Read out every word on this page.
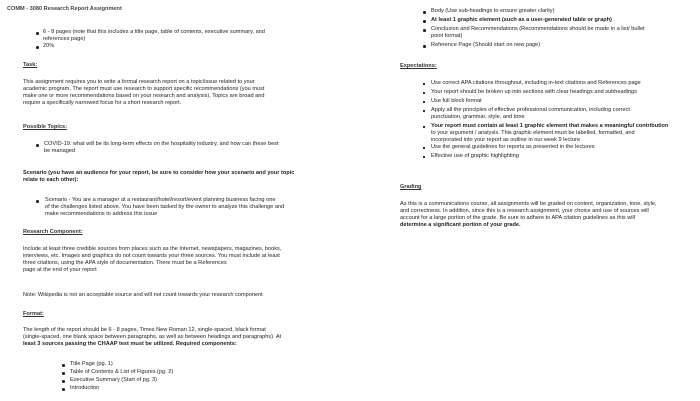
COMM - 3080 Research Report Assignment
6 - 8 pages (note that this includes a title page, table of contents, executive summary, and
references page)
20%
Task:
This assignment requires you to write a formal research report on a topic/issue related to your
academic program. The report must use research to support specific recommendations (you must
make one or more recommendations based on your research and analysis). Topics are broad and
require a specifically narrowed focus for a short research report.
Possible Topics:
COVID-19: what will be its long-term effects on the hospitality industry, and how can these best
be managed
Scenario (you have an audience for your report, be sure to consider how your scenario and your topic
relate to each other):
Scenario - You are a manager at a restaurant/hotel/resort/event planning business facing one
of the challenges listed above. You have been tasked by the owner to analyze this challenge and
make recommendations to address this issue
Research Component:
Include at least three credible sources from places such as the Internet, newspapers, magazines, books,
interviews, etc. Images and graphics do not count towards your three sources. You must include at least
three citations, using the APA style of documentation. There must be a References
page at the end of your report
Note: Wikipedia is not an acceptable source and will not count towards your research component
Format:
The length of the report should be 6 - 8 pages, Times New Roman 12, single-spaced, black format
(single-spaced, one blank space between paragraphs, as well as between headings and paragraphs). At
least 3 sources passing the CHAAP test must be utilized. Required components:
Title Page (pg. 1)
Table of Contents & List of Figures (pg. 2)
Executive Summary (Start of pg. 3)
Introduction
Body (Use sub-headings to ensure greater clarity)
At least 1 graphic element (such as a user-generated table or graph)
Conclusion and Recommendations (Recommendations should be made in a list/ bullet
point format)
Reference Page (Should start on new page)
Expectations:
Use correct APA citations throughout, including in-text citations and References page
Your report should be broken up into sections with clear headings and subheadings
Use full block format
Apply all the principles of effective professional communication, including correct
punctuation, grammar, style, and tone
Your report must contain at least 1 graphic element that makes a meaningful contribution
to your argument / analysis. This graphic element must be labelled, formatted, and
incorporated into your report as outline in our week 9 lecture
Use the general guidelines for reports as presented in the lectures
Effective use of graphic highlighting
Grading
As this is a communications course, all assignments will be graded on content, organization, tone, style,
and correctness. In addition, since this is a research assignment, your choice and use of sources will
account for a large portion of the grade. Be sure to adhere to APA citation guidelines as this will
determine a significant portion of your grade.
